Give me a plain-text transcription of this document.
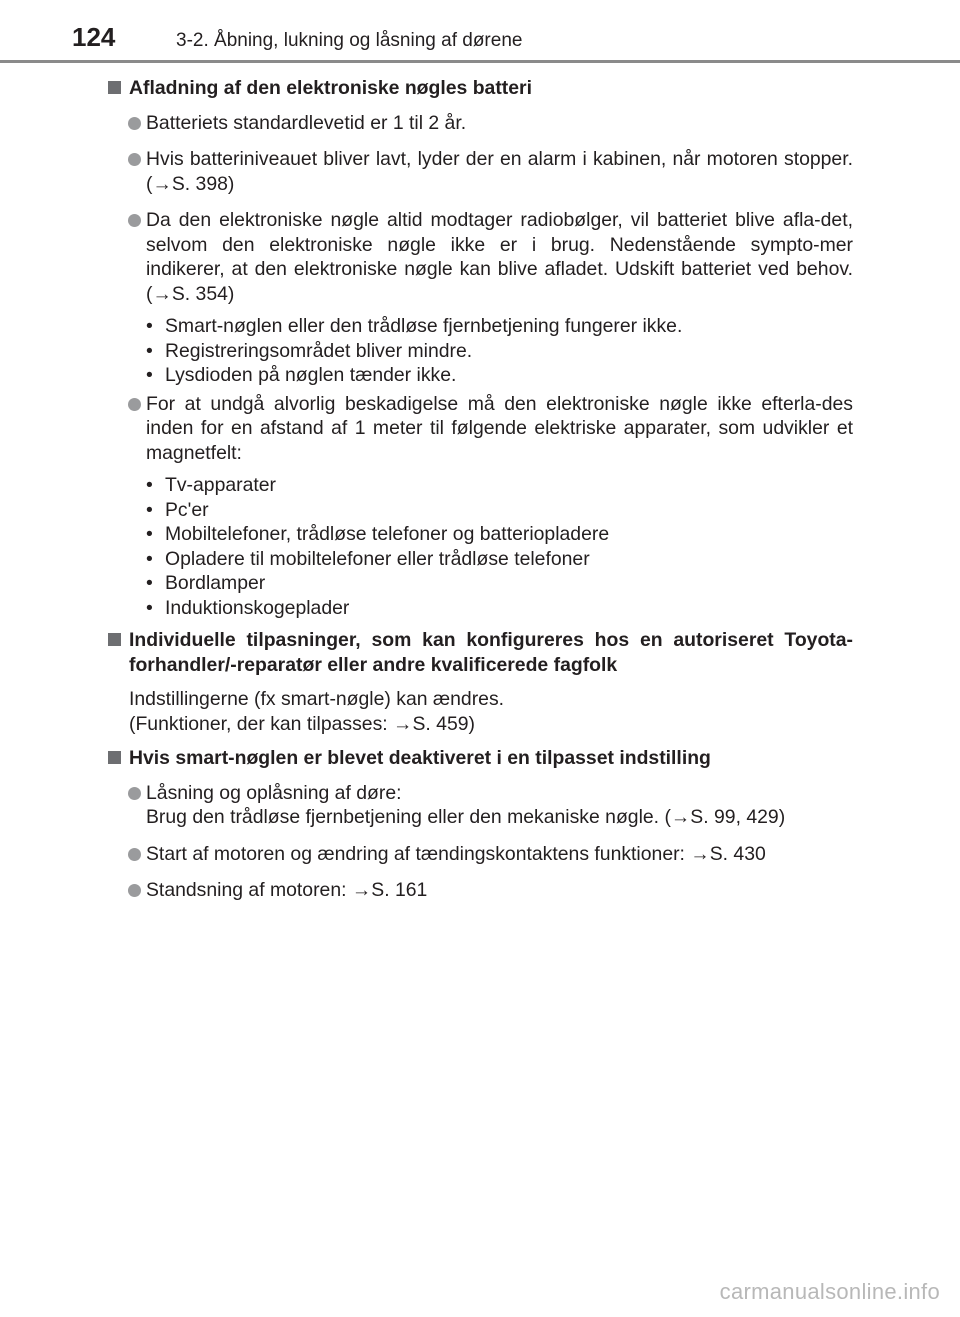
124	3-2. Åbning, lukning og låsning af dørene
Afladning af den elektroniske nøgles batteri
Batteriets standardlevetid er 1 til 2 år.
Hvis batteriniveauet bliver lavt, lyder der en alarm i kabinen, når motoren stopper. (→S. 398)
Da den elektroniske nøgle altid modtager radiobølger, vil batteriet blive afla-det, selvom den elektroniske nøgle ikke er i brug. Nedenstående sympto-mer indikerer, at den elektroniske nøgle kan blive afladet. Udskift batteriet ved behov. (→S. 354)
• Smart-nøglen eller den trådløse fjernbetjening fungerer ikke.
• Registreringsområdet bliver mindre.
• Lysdioden på nøglen tænder ikke.
For at undgå alvorlig beskadigelse må den elektroniske nøgle ikke efterla-des inden for en afstand af 1 meter til følgende elektriske apparater, som udvikler et magnetfelt:
• Tv-apparater
• Pc'er
• Mobiltelefoner, trådløse telefoner og batteriopladere
• Opladere til mobiltelefoner eller trådløse telefoner
• Bordlamper
• Induktionskogeplader
Individuelle tilpasninger, som kan konfigureres hos en autoriseret Toyota-forhandler/-reparatør eller andre kvalificerede fagfolk
Indstillingerne (fx smart-nøgle) kan ændres.
(Funktioner, der kan tilpasses: →S. 459)
Hvis smart-nøglen er blevet deaktiveret i en tilpasset indstilling
Låsning og oplåsning af døre:
Brug den trådløse fjernbetjening eller den mekaniske nøgle. (→S. 99, 429)
Start af motoren og ændring af tændingskontaktens funktioner: →S. 430
Standsning af motoren: →S. 161
carmanualsonline.info
